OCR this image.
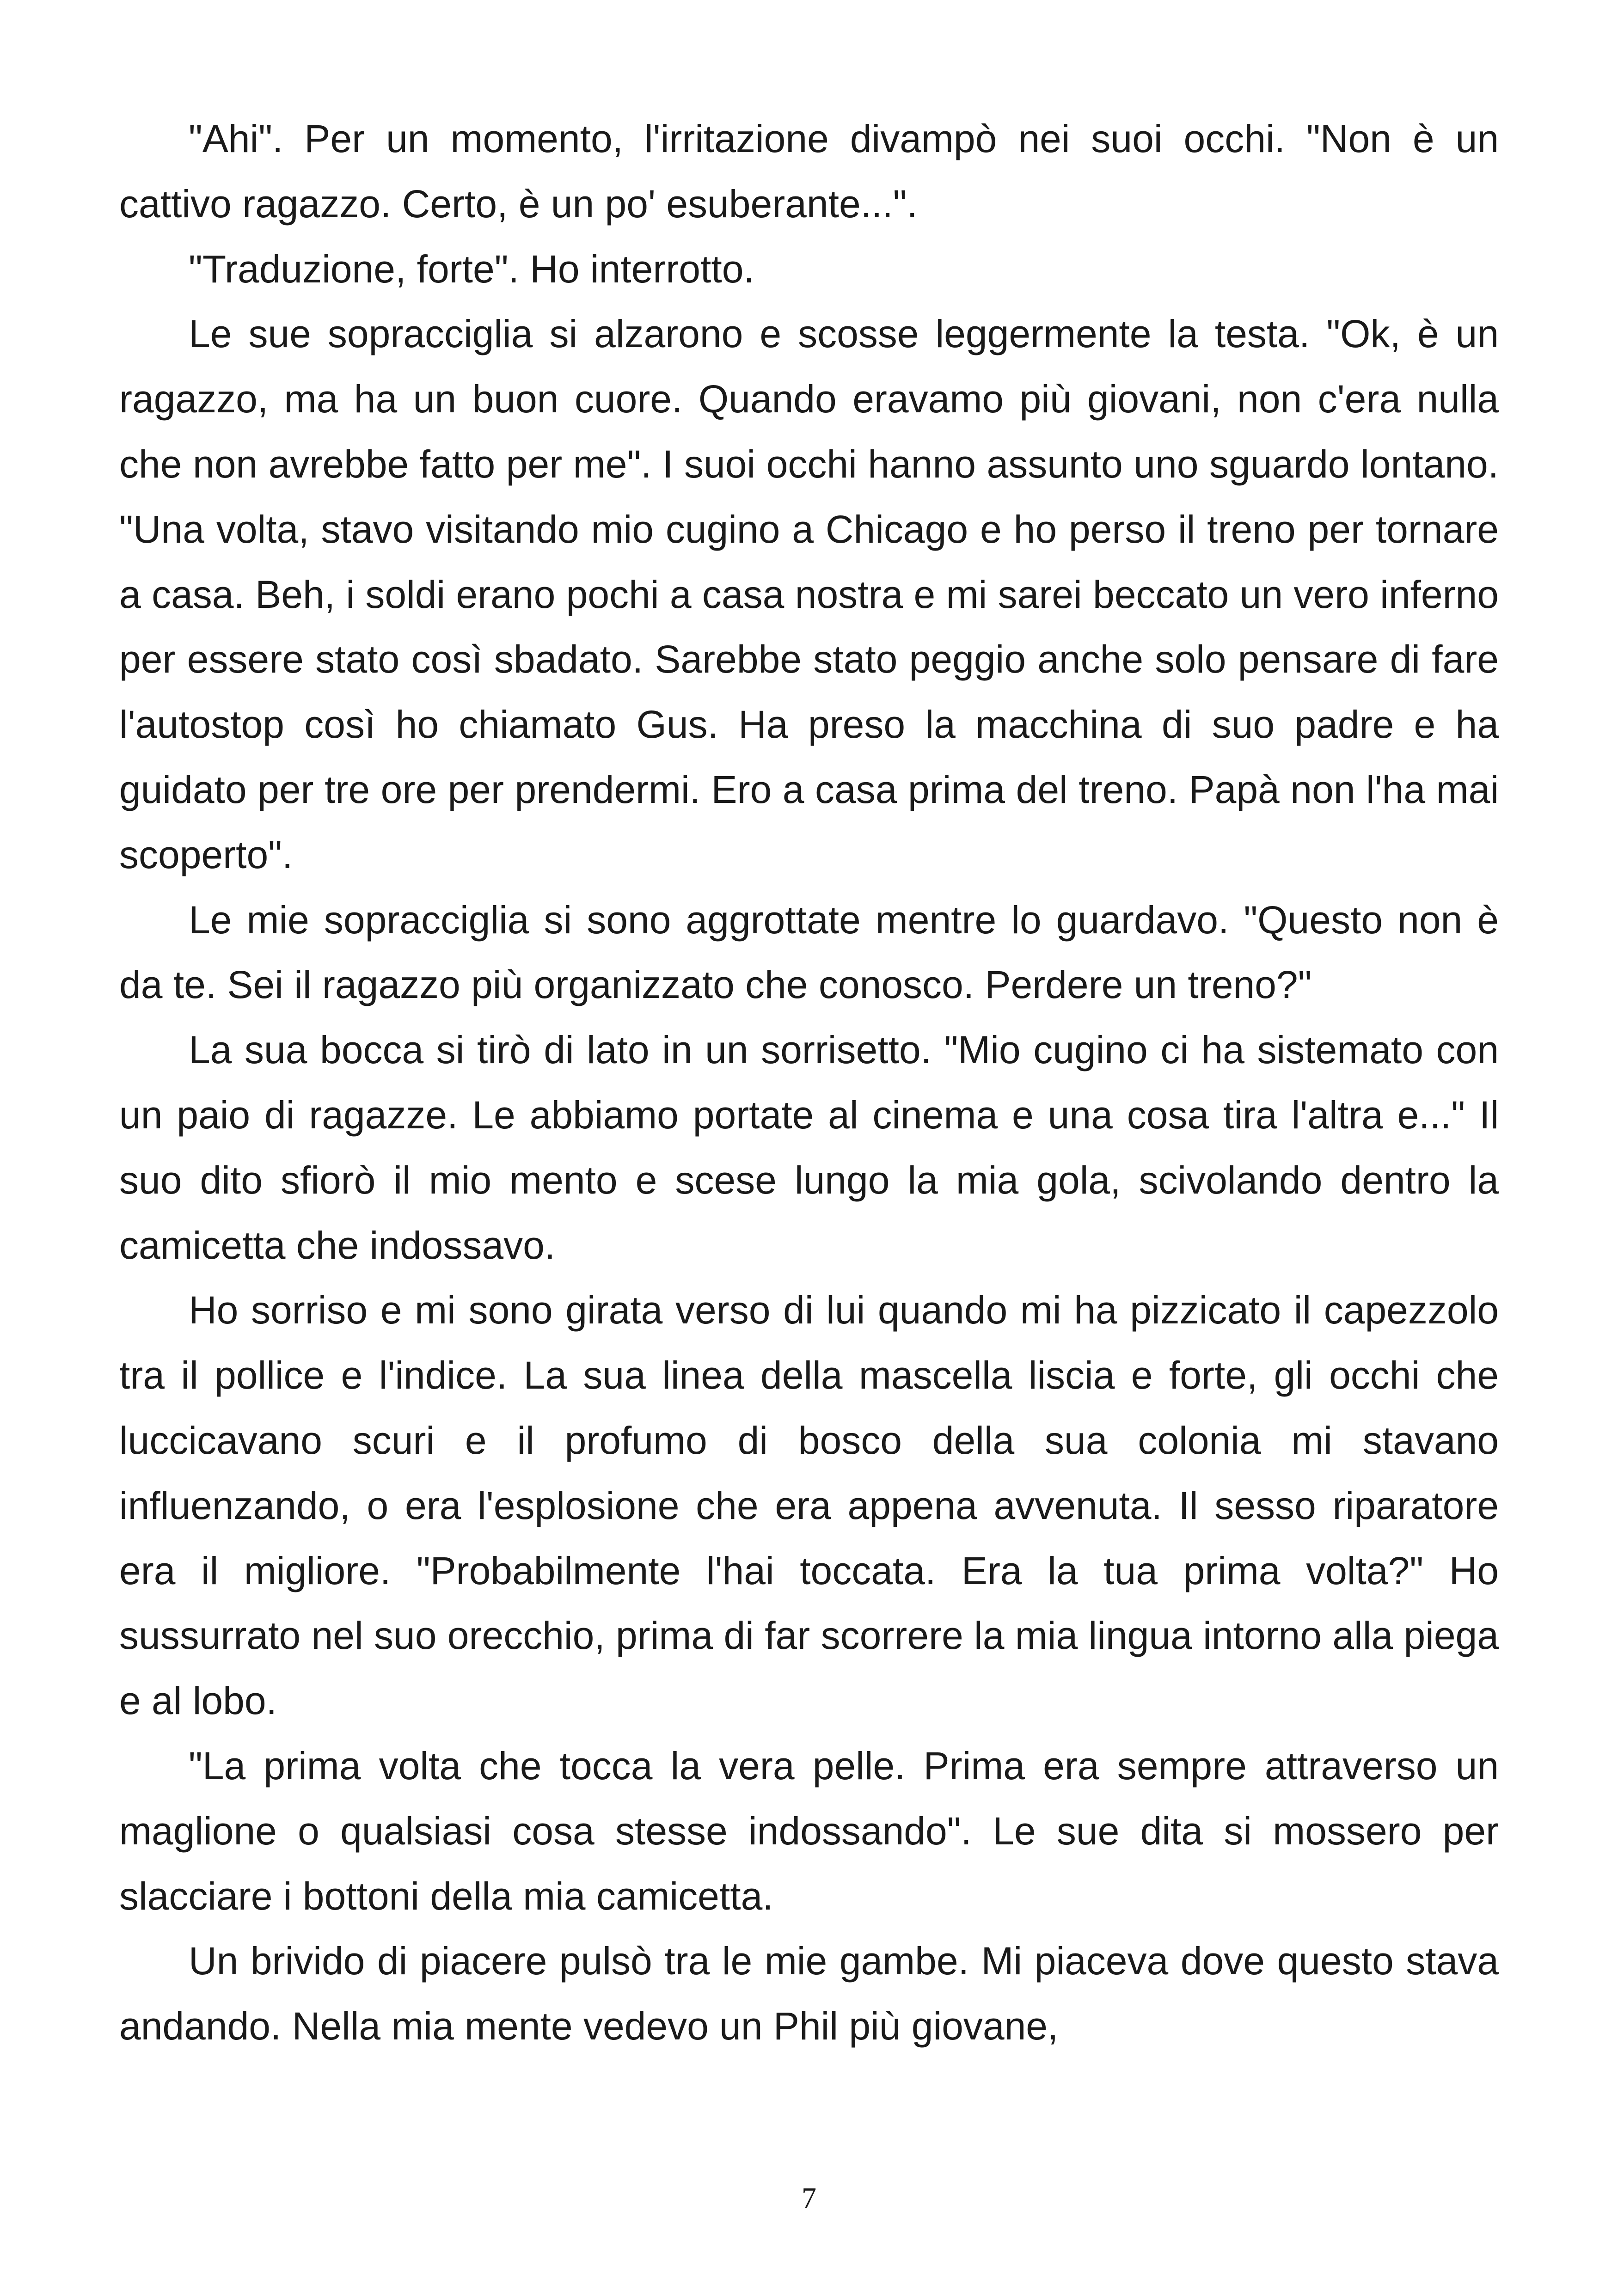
"Ahi". Per un momento, l'irritazione divampò nei suoi occhi. "Non è un cattivo ragazzo. Certo, è un po' esuberante...".

"Traduzione, forte". Ho interrotto.

Le sue sopracciglia si alzarono e scosse leggermente la testa. "Ok, è un ragazzo, ma ha un buon cuore. Quando eravamo più giovani, non c'era nulla che non avrebbe fatto per me". I suoi occhi hanno assunto uno sguardo lontano. "Una volta, stavo visitando mio cugino a Chicago e ho perso il treno per tornare a casa. Beh, i soldi erano pochi a casa nostra e mi sarei beccato un vero inferno per essere stato così sbadato. Sarebbe stato peggio anche solo pensare di fare l'autostop così ho chiamato Gus. Ha preso la macchina di suo padre e ha guidato per tre ore per prendermi. Ero a casa prima del treno. Papà non l'ha mai scoperto".

Le mie sopracciglia si sono aggrottate mentre lo guardavo. "Questo non è da te. Sei il ragazzo più organizzato che conosco. Perdere un treno?"

La sua bocca si tirò di lato in un sorrisetto. "Mio cugino ci ha sistemato con un paio di ragazze. Le abbiamo portate al cinema e una cosa tira l'altra e..." Il suo dito sfiorò il mio mento e scese lungo la mia gola, scivolando dentro la camicetta che indossavo.

Ho sorriso e mi sono girata verso di lui quando mi ha pizzicato il capezzolo tra il pollice e l'indice. La sua linea della mascella liscia e forte, gli occhi che luccicavano scuri e il profumo di bosco della sua colonia mi stavano influenzando, o era l'esplosione che era appena avvenuta. Il sesso riparatore era il migliore. "Probabilmente l'hai toccata. Era la tua prima volta?" Ho sussurrato nel suo orecchio, prima di far scorrere la mia lingua intorno alla piega e al lobo.

"La prima volta che tocca la vera pelle. Prima era sempre attraverso un maglione o qualsiasi cosa stesse indossando". Le sue dita si mossero per slacciare i bottoni della mia camicetta.

Un brivido di piacere pulsò tra le mie gambe. Mi piaceva dove questo stava andando. Nella mia mente vedevo un Phil più giovane,

7
